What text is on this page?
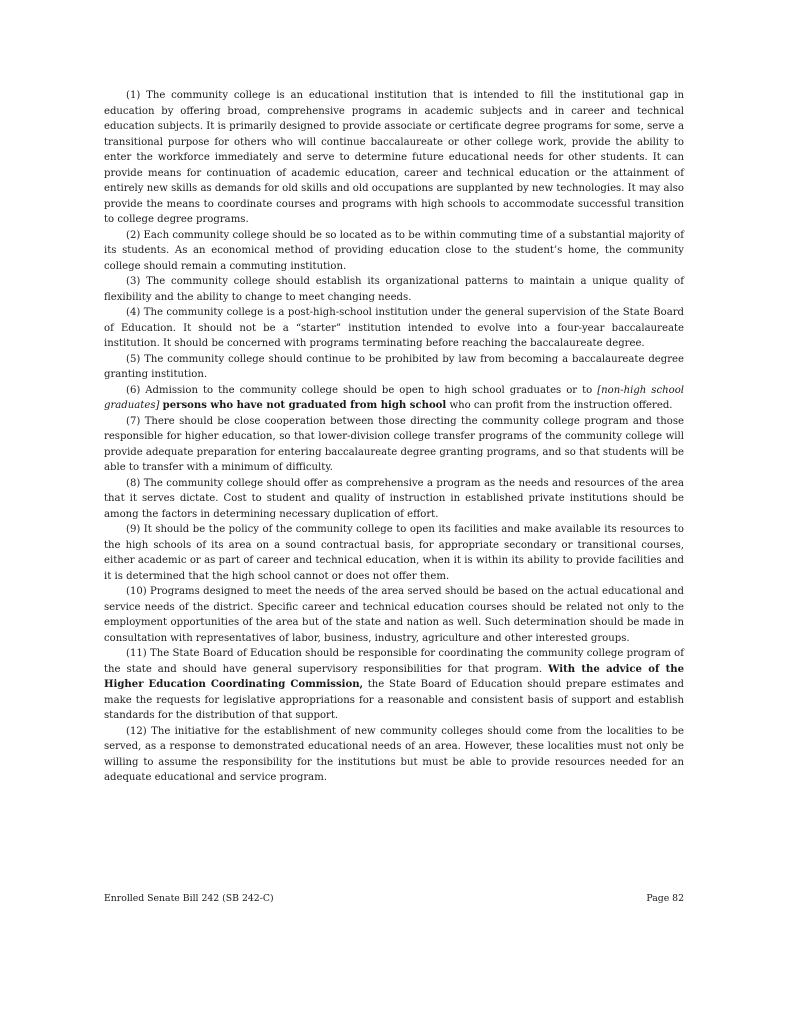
(1) The community college is an educational institution that is intended to fill the institutional gap in education by offering broad, comprehensive programs in academic subjects and in career and technical education subjects. It is primarily designed to provide associate or certificate degree programs for some, serve a transitional purpose for others who will continue baccalaureate or other college work, provide the ability to enter the workforce immediately and serve to determine future educational needs for other students. It can provide means for continuation of academic education, career and technical education or the attainment of entirely new skills as demands for old skills and old occupations are supplanted by new technologies. It may also provide the means to coordinate courses and programs with high schools to accommodate successful transition to college degree programs.

(2) Each community college should be so located as to be within commuting time of a substantial majority of its students. As an economical method of providing education close to the student’s home, the community college should remain a commuting institution.

(3) The community college should establish its organizational patterns to maintain a unique quality of flexibility and the ability to change to meet changing needs.

(4) The community college is a post-high-school institution under the general supervision of the State Board of Education. It should not be a “starter” institution intended to evolve into a four-year baccalaureate institution. It should be concerned with programs terminating before reaching the baccalaureate degree.

(5) The community college should continue to be prohibited by law from becoming a baccalaureate degree granting institution.

(6) Admission to the community college should be open to high school graduates or to [non-high school graduates] persons who have not graduated from high school who can profit from the instruction offered.

(7) There should be close cooperation between those directing the community college program and those responsible for higher education, so that lower-division college transfer programs of the community college will provide adequate preparation for entering baccalaureate degree granting programs, and so that students will be able to transfer with a minimum of difficulty.

(8) The community college should offer as comprehensive a program as the needs and resources of the area that it serves dictate. Cost to student and quality of instruction in established private institutions should be among the factors in determining necessary duplication of effort.

(9) It should be the policy of the community college to open its facilities and make available its resources to the high schools of its area on a sound contractual basis, for appropriate secondary or transitional courses, either academic or as part of career and technical education, when it is within its ability to provide facilities and it is determined that the high school cannot or does not offer them.

(10) Programs designed to meet the needs of the area served should be based on the actual educational and service needs of the district. Specific career and technical education courses should be related not only to the employment opportunities of the area but of the state and nation as well. Such determination should be made in consultation with representatives of labor, business, industry, agriculture and other interested groups.

(11) The State Board of Education should be responsible for coordinating the community college program of the state and should have general supervisory responsibilities for that program. With the advice of the Higher Education Coordinating Commission, the State Board of Education should prepare estimates and make the requests for legislative appropriations for a reasonable and consistent basis of support and establish standards for the distribution of that support.

(12) The initiative for the establishment of new community colleges should come from the localities to be served, as a response to demonstrated educational needs of an area. However, these localities must not only be willing to assume the responsibility for the institutions but must be able to provide resources needed for an adequate educational and service program.

Enrolled Senate Bill 242 (SB 242-C)	Page 82
